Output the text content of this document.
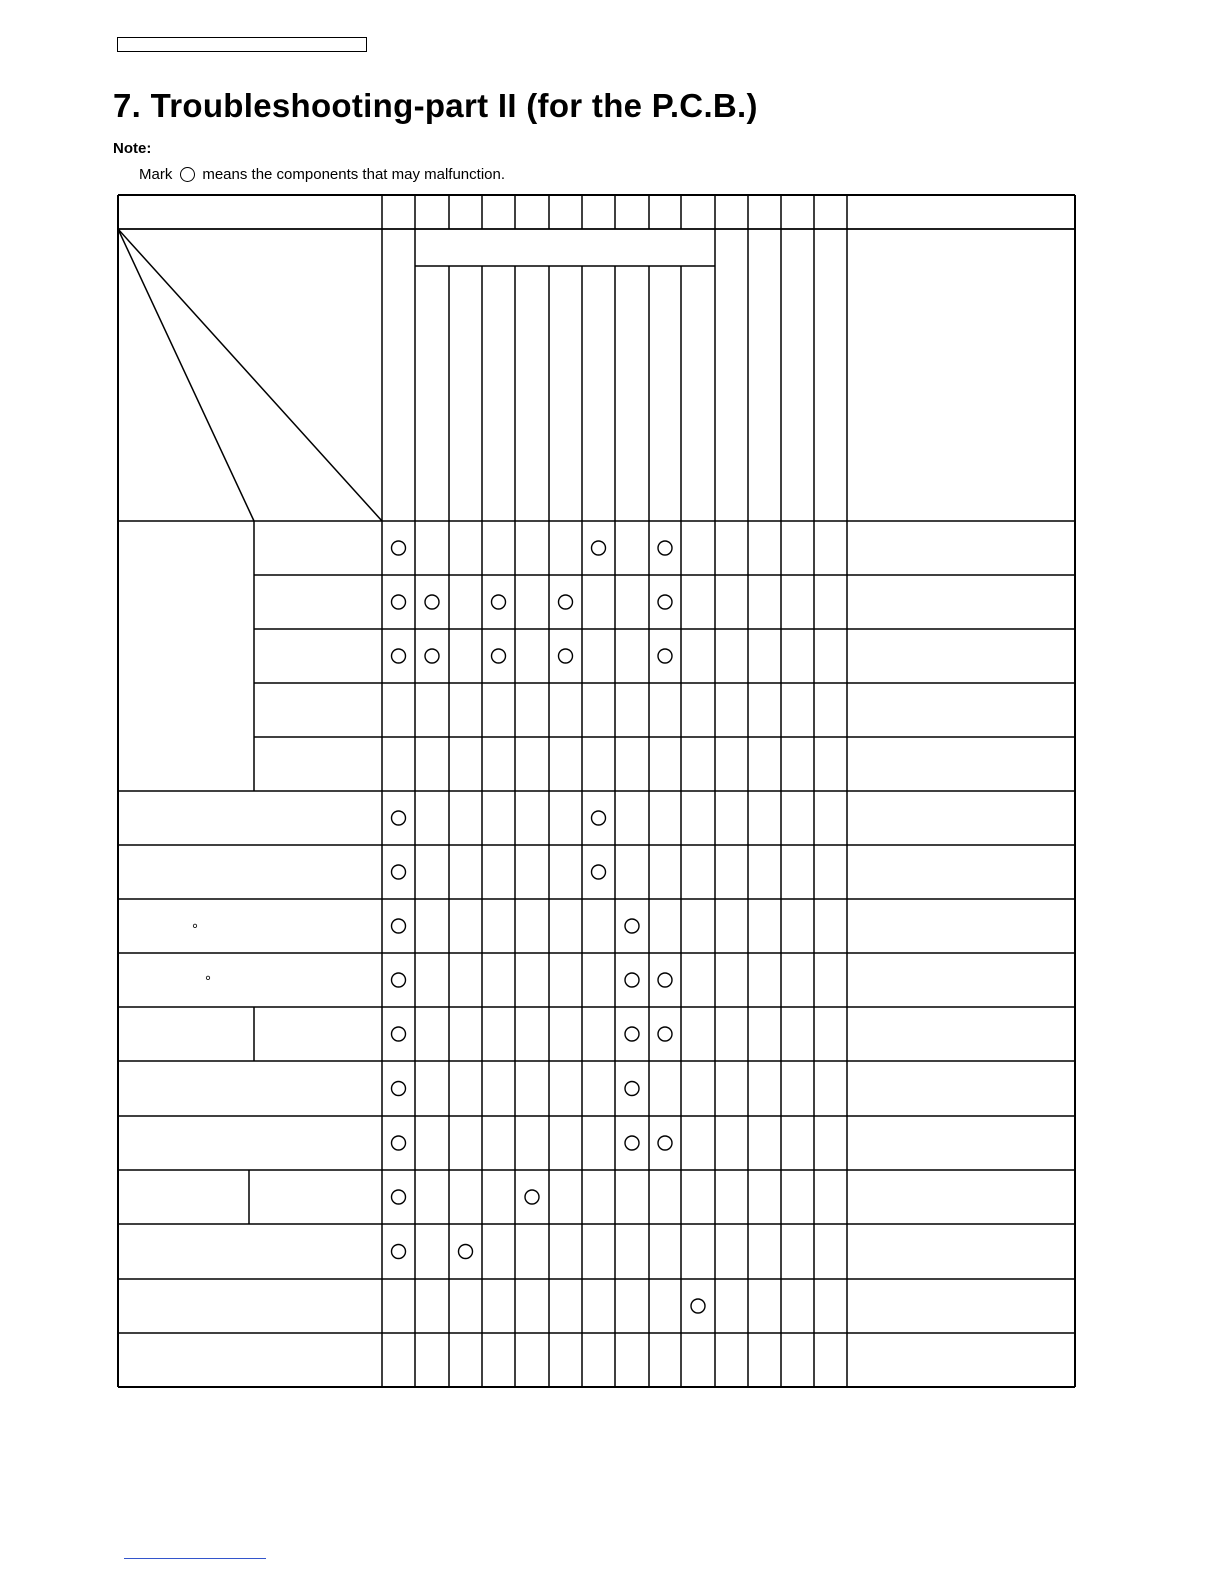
7. Troubleshooting-part II (for the P.C.B.)
Note:
Mark ○ means the components that may malfunction.
°
°
